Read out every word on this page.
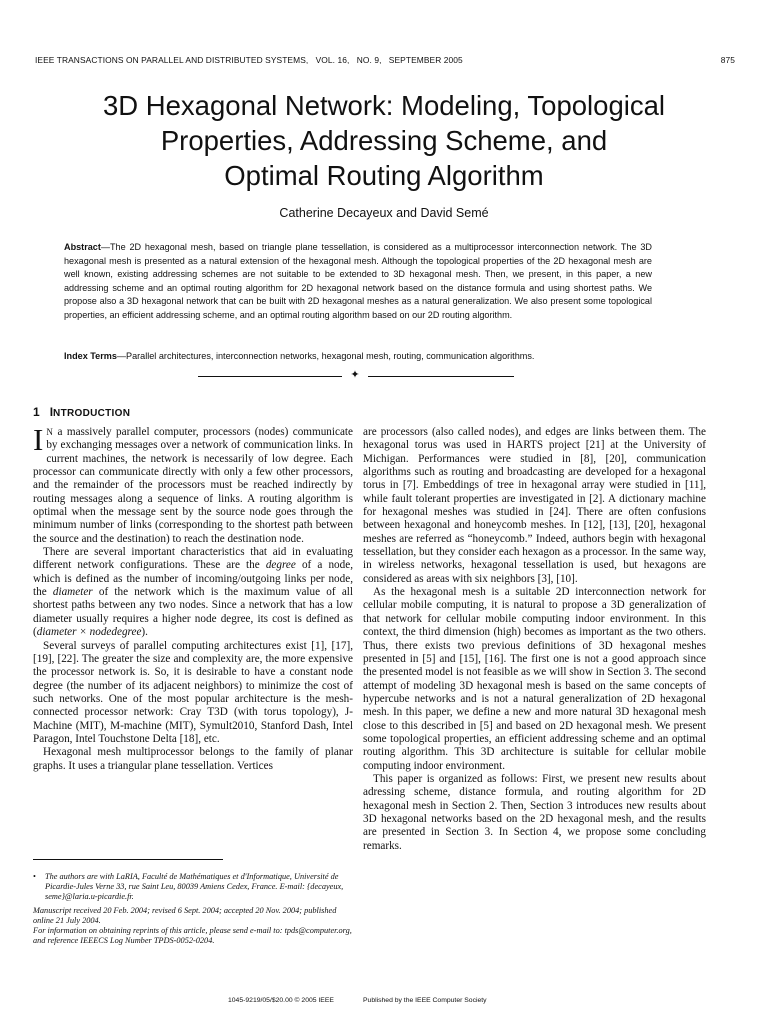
IEEE TRANSACTIONS ON PARALLEL AND DISTRIBUTED SYSTEMS,   VOL. 16,   NO. 9,   SEPTEMBER 2005	875
3D Hexagonal Network: Modeling, Topological
Properties, Addressing Scheme, and
Optimal Routing Algorithm
Catherine Decayeux and David Semé
Abstract—The 2D hexagonal mesh, based on triangle plane tessellation, is considered as a multiprocessor interconnection network. The 3D hexagonal mesh is presented as a natural extension of the hexagonal mesh. Although the topological properties of the 2D hexagonal mesh are well known, existing addressing schemes are not suitable to be extended to 3D hexagonal mesh. Then, we present, in this paper, a new addressing scheme and an optimal routing algorithm for 2D hexagonal network based on the distance formula and using shortest paths. We propose also a 3D hexagonal network that can be built with 2D hexagonal meshes as a natural generalization. We also present some topological properties, an efficient addressing scheme, and an optimal routing algorithm based on our 2D routing algorithm.
Index Terms—Parallel architectures, interconnection networks, hexagonal mesh, routing, communication algorithms.
✦
1 INTRODUCTION

I N a massively parallel computer, processors (nodes) communicate by exchanging messages over a network of communication links. In current machines, the network is necessarily of low degree. Each processor can communicate directly with only a few other processors, and the remainder of the processors must be reached indirectly by routing messages along a sequence of links. A routing algorithm is optimal when the message sent by the source node goes through the minimum number of links (corresponding to the shortest path between the source and the destination) to reach the destination node.

There are several important characteristics that aid in evaluating different network configurations. These are the degree of a node, which is defined as the number of incoming/outgoing links per node, the diameter of the network which is the maximum value of all shortest paths between any two nodes. Since a network that has a low diameter usually requires a higher node degree, its cost is defined as (diameter × nodedegree).

Several surveys of parallel computing architectures exist [1], [17], [19], [22]. The greater the size and complexity are, the more expensive the processor network is. So, it is desirable to have a constant node degree (the number of its adjacent neighbors) to minimize the cost of such networks. One of the most popular architecture is the mesh-connected processor network: Cray T3D (with torus topology), J-Machine (MIT), M-machine (MIT), Symult2010, Stanford Dash, Intel Paragon, Intel Touchstone Delta [18], etc.

Hexagonal mesh multiprocessor belongs to the family of planar graphs. It uses a triangular plane tessellation. Vertices

are processors (also called nodes), and edges are links between them. The hexagonal torus was used in HARTS project [21] at the University of Michigan. Performances were studied in [8], [20], communication algorithms such as routing and broadcasting are developed for a hexagonal torus in [7]. Embeddings of tree in hexagonal array were studied in [11], while fault tolerant properties are investigated in [2]. A dictionary machine for hexagonal meshes was studied in [24]. There are often confusions between hexagonal and honeycomb meshes. In [12], [13], [20], hexagonal meshes are referred as “honeycomb.” Indeed, authors begin with hexagonal tessellation, but they consider each hexagon as a processor. In the same way, in wireless networks, hexagonal tessellation is used, but hexagons are considered as areas with six neighbors [3], [10].

As the hexagonal mesh is a suitable 2D interconnection network for cellular mobile computing, it is natural to propose a 3D generalization of that network for cellular mobile computing indoor environment. In this context, the third dimension (high) becomes as important as the two others. Thus, there exists two previous definitions of 3D hexagonal meshes presented in [5] and [15], [16]. The first one is not a good approach since the presented model is not feasible as we will show in Section 3. The second attempt of modeling 3D hexagonal mesh is based on the same concepts of hypercube networks and is not a natural generalization of 2D hexagonal mesh. In this paper, we define a new and more natural 3D hexagonal mesh close to this described in [5] and based on 2D hexagonal mesh. We present some topological properties, an efficient addressing scheme and an optimal routing algorithm. This 3D architecture is suitable for cellular mobile computing indoor environment.

This paper is organized as follows: First, we present new results about adressing scheme, distance formula, and routing algorithm for 2D hexagonal mesh in Section 2. Then, Section 3 introduces new results about 3D hexagonal networks based on the 2D hexagonal mesh, and the results are presented in Section 3. In Section 4, we propose some concluding remarks.

•	The authors are with LaRIA, Faculté de Mathématiques et d'Informatique, Université de Picardie-Jules Verne 33, rue Saint Leu, 80039 Amiens Cedex, France. E-mail: {decayeux, seme}@laria.u-picardie.fr.

Manuscript received 20 Feb. 2004; revised 6 Sept. 2004; accepted 20 Nov. 2004; published online 21 July 2004.

For information on obtaining reprints of this article, please send e-mail to: tpds@computer.org, and reference IEEECS Log Number TPDS-0052-0204.

1045-9219/05/$20.00 © 2005 IEEE	Published by the IEEE Computer Society
